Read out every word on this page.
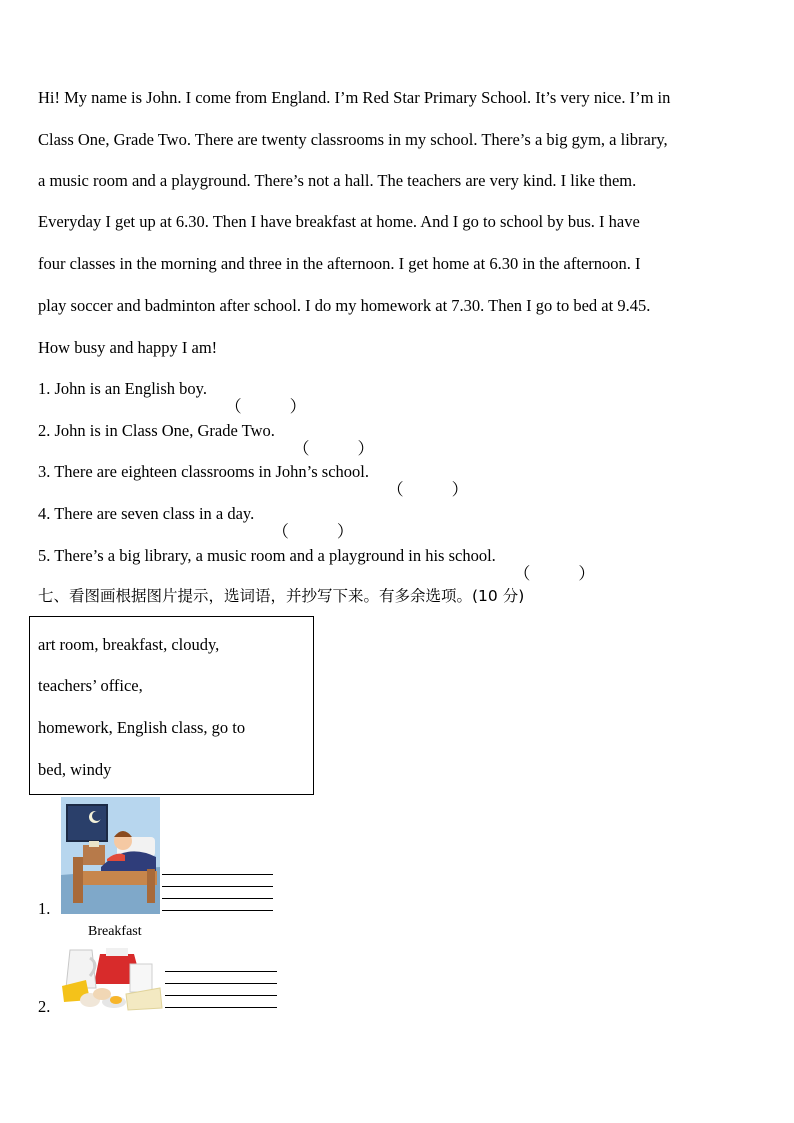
Hi! My name is John. I come from England. I’m Red Star Primary School. It’s very nice. I’m in
Class One, Grade Two. There are twenty classrooms in my school. There’s a big gym, a library,
a music room and a playground. There’s not a hall. The teachers are very kind. I like them.
Everyday I get up at 6.30. Then I have breakfast at home. And I go to school by bus. I have
four classes in the morning and three in the afternoon. I get home at 6.30 in the afternoon. I
play soccer and badminton after school. I do my homework at 7.30. Then I go to bed at 9.45.
How busy and happy I am!
1. John is an English boy.
（	）
2. John is in Class One, Grade Two.
（	）
3. There are eighteen classrooms in John’s school.
（	）
4. There are seven class in a day.
（	）
5. There’s a big library, a music room and a playground in his school.
（	）
七、看图画根据图片提示，选词语，并抄写下来。有多余选项。(10 分)
art room, breakfast, cloudy,
teachers’ office,
homework, English class, go to
bed, windy
1.
Breakfast
2.
